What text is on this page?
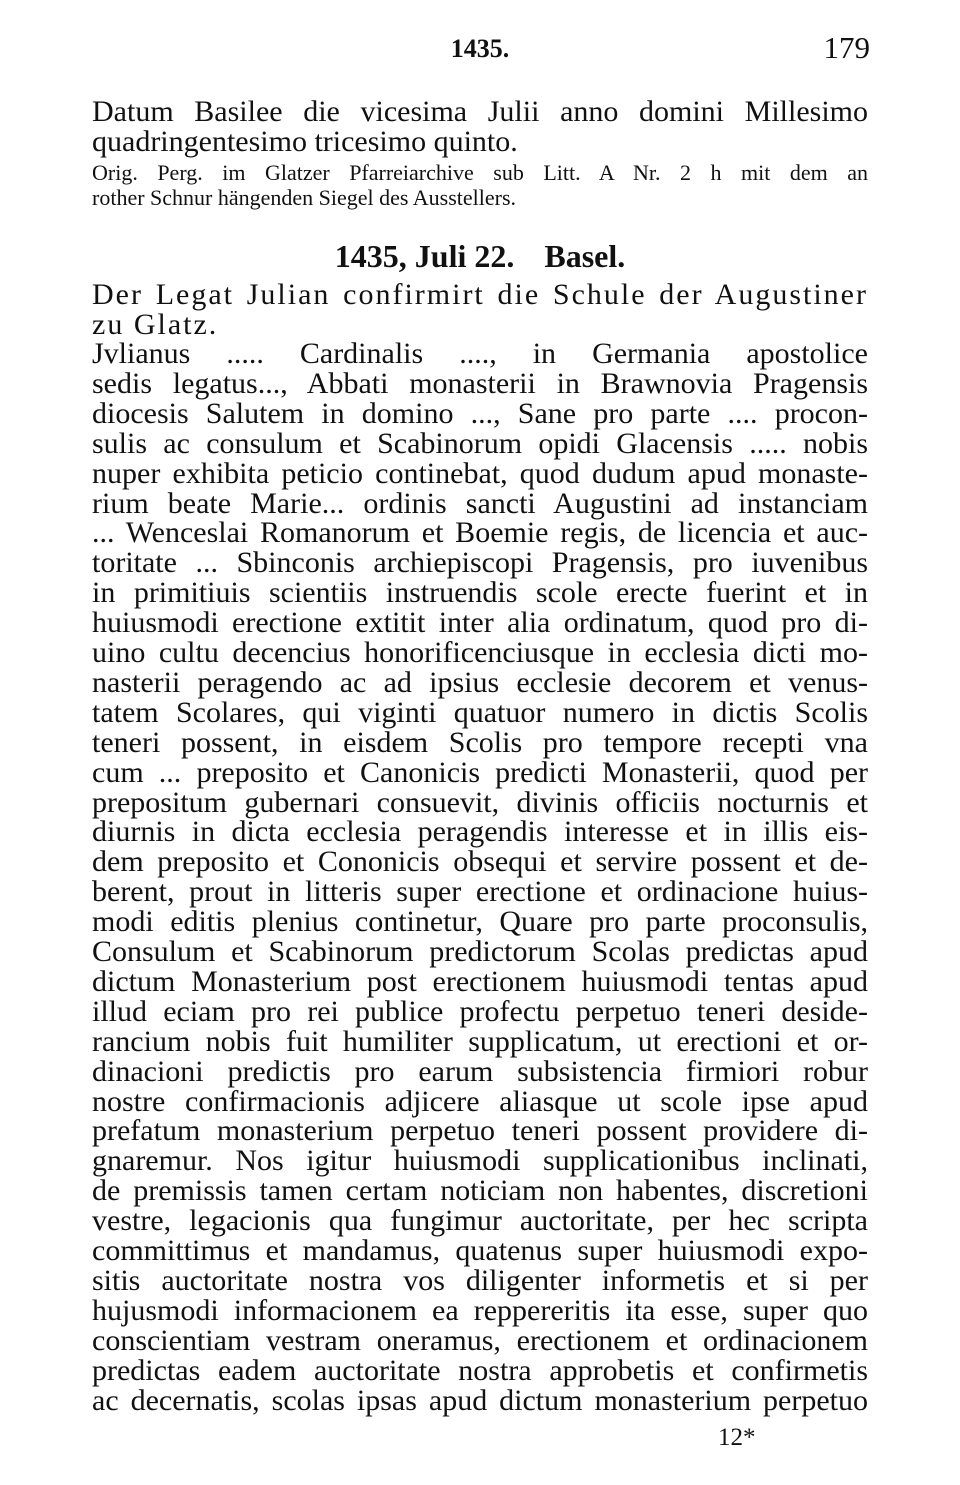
1435.	179
Datum Basilee die vicesima Julii anno domini Millesimo
quadringentesimo tricesimo quinto.
Orig. Perg. im Glatzer Pfarreiarchive sub Litt. A Nr. 2 h mit dem an
rother Schnur hängenden Siegel des Ausstellers.
1435, Juli 22. Basel.
Der Legat Julian confirmirt die Schule der Augustiner
zu Glatz.
Jvlianus ..... Cardinalis ...., in Germania apostolice
sedis legatus..., Abbati monasterii in Brawnovia Pragensis
diocesis Salutem in domino ..., Sane pro parte .... procon-
sulis ac consulum et Scabinorum opidi Glacensis ..... nobis
nuper exhibita peticio continebat, quod dudum apud monaste-
rium beate Marie... ordinis sancti Augustini ad instanciam
... Wenceslai Romanorum et Boemie regis, de licencia et auc-
toritate ... Sbinconis archiepiscopi Pragensis, pro iuvenibus
in primitiuis scientiis instruendis scole erecte fuerint et in
huiusmodi erectione extitit inter alia ordinatum, quod pro di-
uino cultu decencius honorificenciusque in ecclesia dicti mo-
nasterii peragendo ac ad ipsius ecclesie decorem et venus-
tatem Scolares, qui viginti quatuor numero in dictis Scolis
teneri possent, in eisdem Scolis pro tempore recepti vna
cum ... preposito et Canonicis predicti Monasterii, quod per
prepositum gubernari consuevit, divinis officiis nocturnis et
diurnis in dicta ecclesia peragendis interesse et in illis eis-
dem preposito et Cononicis obsequi et servire possent et de-
berent, prout in litteris super erectione et ordinacione huius-
modi editis plenius continetur, Quare pro parte proconsulis,
Consulum et Scabinorum predictorum Scolas predictas apud
dictum Monasterium post erectionem huiusmodi tentas apud
illud eciam pro rei publice profectu perpetuo teneri deside-
rancium nobis fuit humiliter supplicatum, ut erectioni et or-
dinacioni predictis pro earum subsistencia firmiori robur
nostre confirmacionis adjicere aliasque ut scole ipse apud
prefatum monasterium perpetuo teneri possent providere di-
gnaremur. Nos igitur huiusmodi supplicationibus inclinati,
de premissis tamen certam noticiam non habentes, discretioni
vestre, legacionis qua fungimur auctoritate, per hec scripta
committimus et mandamus, quatenus super huiusmodi expo-
sitis auctoritate nostra vos diligenter informetis et si per
hujusmodi informacionem ea reppereritis ita esse, super quo
conscientiam vestram oneramus, erectionem et ordinacionem
predictas eadem auctoritate nostra approbetis et confirmetis
ac decernatis, scolas ipsas apud dictum monasterium perpetuo
12*
